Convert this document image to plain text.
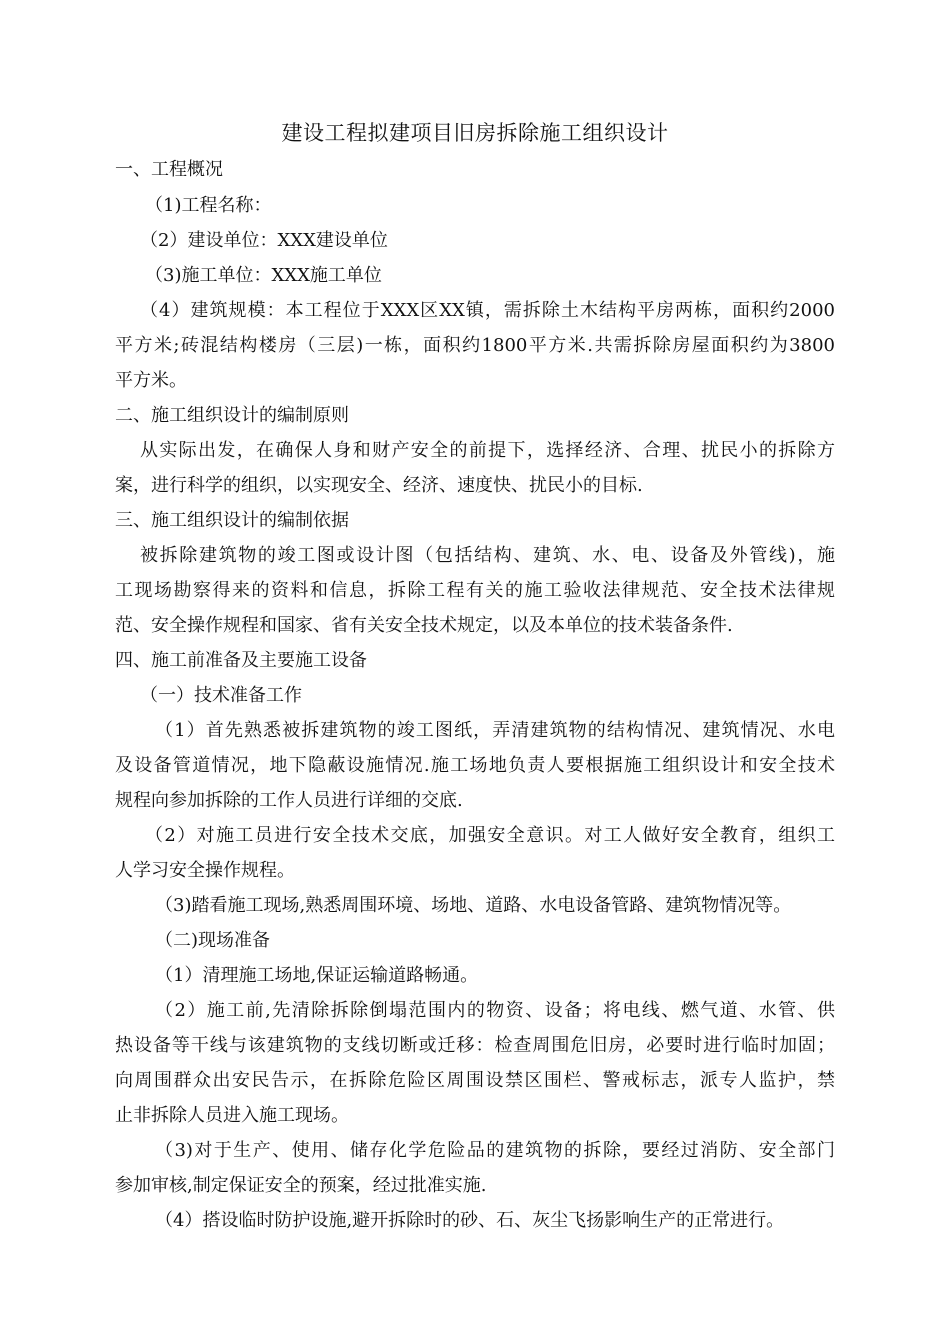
建设工程拟建项目旧房拆除施工组织设计
一、工程概况
（1)工程名称：
（2）建设单位：XXX建设单位
（3)施工单位：XXX施工单位
（4）建筑规模：本工程位于XXX区XX镇，需拆除土木结构平房两栋，面积约2000
平方米;砖混结构楼房（三层)一栋，面积约1800平方米.共需拆除房屋面积约为3800
平方米。
二、施工组织设计的编制原则
从实际出发，在确保人身和财产安全的前提下，选择经济、合理、扰民小的拆除方
案，进行科学的组织，以实现安全、经济、速度快、扰民小的目标.
三、施工组织设计的编制依据
被拆除建筑物的竣工图或设计图（包括结构、建筑、水、电、设备及外管线)，施
工现场勘察得来的资料和信息，拆除工程有关的施工验收法律规范、安全技术法律规
范、安全操作规程和国家、省有关安全技术规定，以及本单位的技术装备条件.
四、施工前准备及主要施工设备
（一）技术准备工作
（1）首先熟悉被拆建筑物的竣工图纸，弄清建筑物的结构情况、建筑情况、水电
及设备管道情况，地下隐蔽设施情况.施工场地负责人要根据施工组织设计和安全技术
规程向参加拆除的工作人员进行详细的交底.
（2）对施工员进行安全技术交底，加强安全意识。对工人做好安全教育，组织工
人学习安全操作规程。
（3)踏看施工现场,熟悉周围环境、场地、道路、水电设备管路、建筑物情况等。
（二)现场准备
（1）清理施工场地,保证运输道路畅通。
（2）施工前,先清除拆除倒塌范围内的物资、设备；将电线、燃气道、水管、供
热设备等干线与该建筑物的支线切断或迁移：检查周围危旧房，必要时进行临时加固；
向周围群众出安民告示，在拆除危险区周围设禁区围栏、警戒标志，派专人监护，禁
止非拆除人员进入施工现场。
（3)对于生产、使用、储存化学危险品的建筑物的拆除，要经过消防、安全部门
参加审核,制定保证安全的预案，经过批准实施.
（4）搭设临时防护设施,避开拆除时的砂、石、灰尘飞扬影响生产的正常进行。
